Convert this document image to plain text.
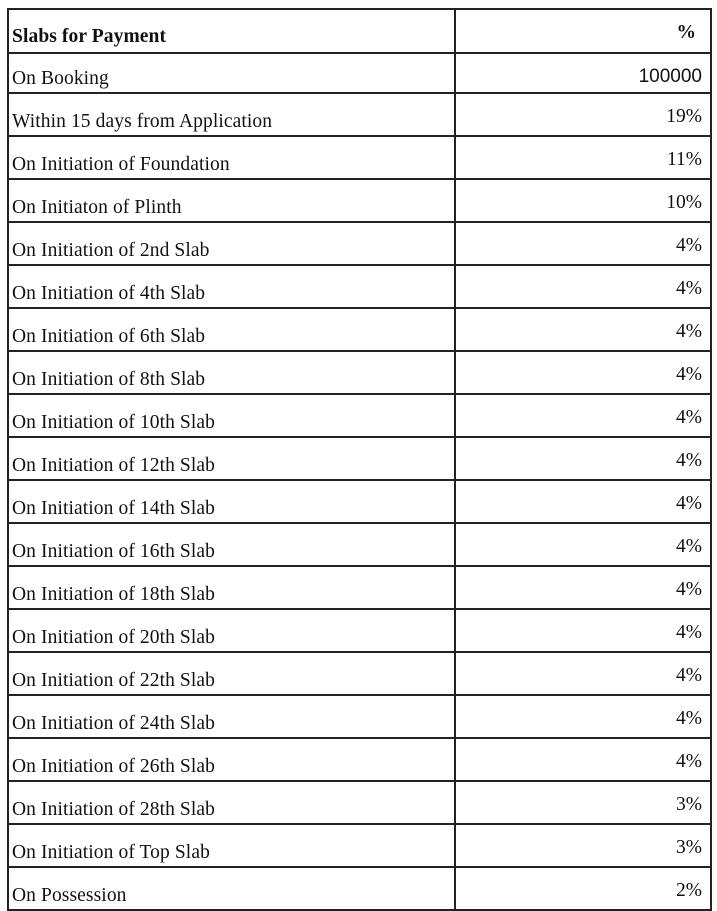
Slabs for Payment	%
On Booking	100000
Within 15 days from Application	19%
On Initiation of Foundation	11%
On Initiaton of Plinth	10%
On Initiation of 2nd Slab	4%
On Initiation of 4th Slab	4%
On Initiation of 6th Slab	4%
On Initiation of 8th Slab	4%
On Initiation of 10th Slab	4%
On Initiation of 12th Slab	4%
On Initiation of 14th Slab	4%
On Initiation of 16th Slab	4%
On Initiation of 18th Slab	4%
On Initiation of 20th Slab	4%
On Initiation of 22th Slab	4%
On Initiation of 24th Slab	4%
On Initiation of 26th Slab	4%
On Initiation of 28th Slab	3%
On Initiation of Top Slab	3%
On Possession	2%
